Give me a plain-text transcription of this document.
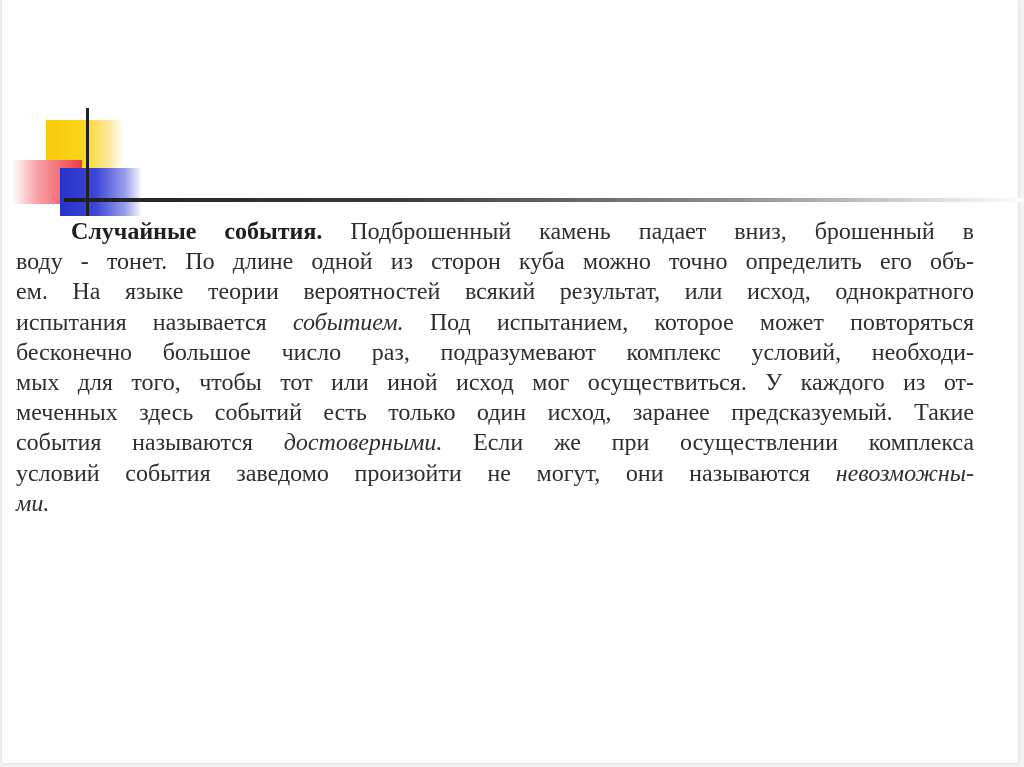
Случайные события. Подброшенный камень падает вниз, брошенный в
воду - тонет. По длине одной из сторон куба можно точно определить его объ-
ем. На языке теории вероятностей всякий результат, или исход, однократного
испытания называется событием. Под испытанием, которое может повторяться
бесконечно большое число раз, подразумевают комплекс условий, необходи-
мых для того, чтобы тот или иной исход мог осуществиться. У каждого из от-
меченных здесь событий есть только один исход, заранее предсказуемый. Такие
события называются достоверными. Если же при осуществлении комплекса
условий события заведомо произойти не могут, они называются невозможны-
ми.
